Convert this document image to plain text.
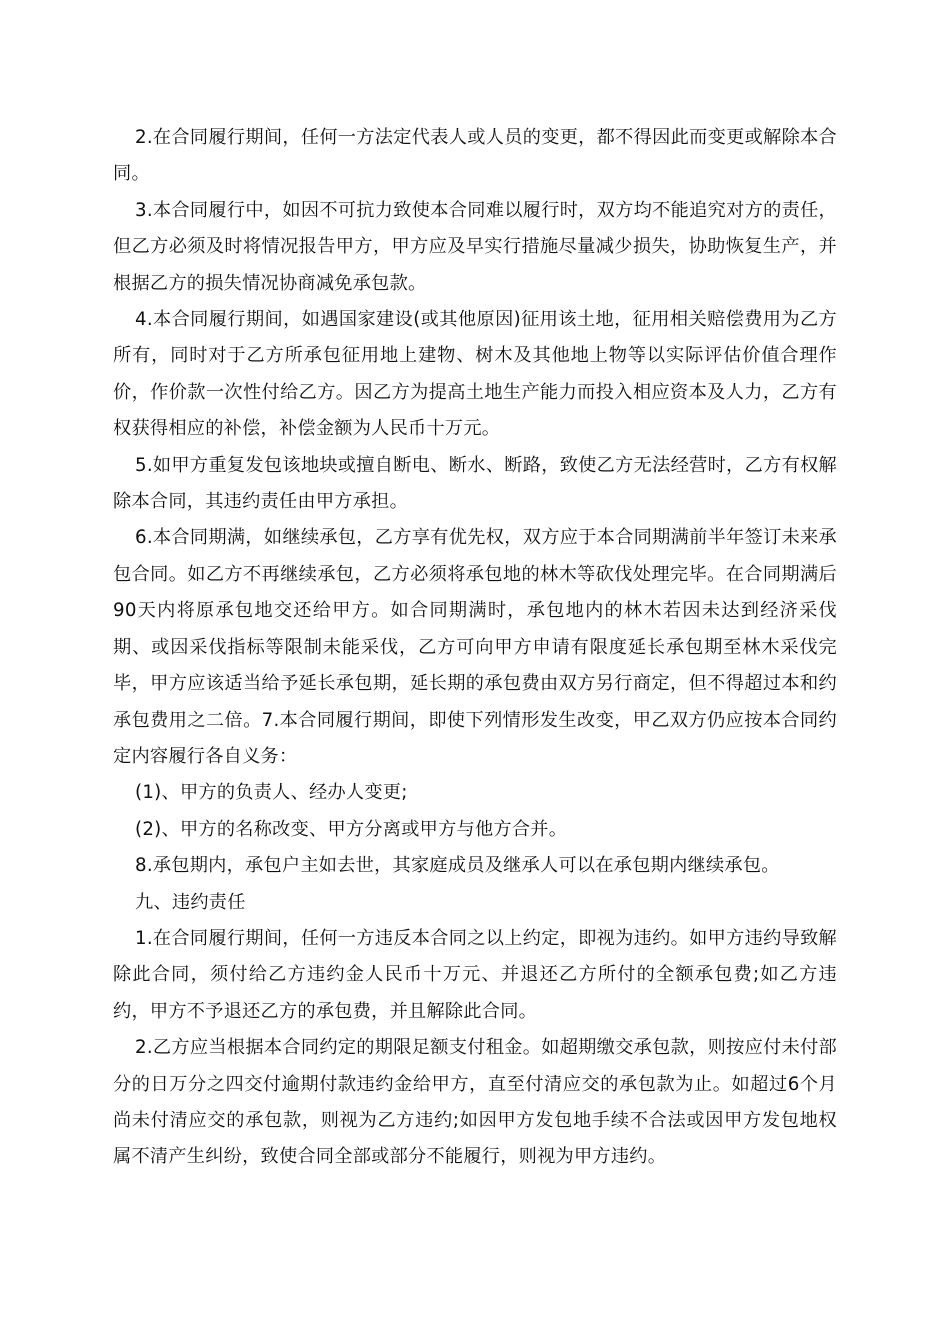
2.在合同履行期间，任何一方法定代表人或人员的变更，都不得因此而变更或解除本合同。

3.本合同履行中，如因不可抗力致使本合同难以履行时，双方均不能追究对方的责任，但乙方必须及时将情况报告甲方，甲方应及早实行措施尽量减少损失，协助恢复生产，并根据乙方的损失情况协商减免承包款。

4.本合同履行期间，如遇国家建设(或其他原因)征用该土地，征用相关赔偿费用为乙方所有，同时对于乙方所承包征用地上建物、树木及其他地上物等以实际评估价值合理作价，作价款一次性付给乙方。因乙方为提高土地生产能力而投入相应资本及人力，乙方有权获得相应的补偿，补偿金额为人民币十万元。

5.如甲方重复发包该地块或擅自断电、断水、断路，致使乙方无法经营时，乙方有权解除本合同，其违约责任由甲方承担。

6.本合同期满，如继续承包，乙方享有优先权，双方应于本合同期满前半年签订未来承包合同。如乙方不再继续承包，乙方必须将承包地的林木等砍伐处理完毕。在合同期满后90天内将原承包地交还给甲方。如合同期满时，承包地内的林木若因未达到经济采伐期、或因采伐指标等限制未能采伐，乙方可向甲方申请有限度延长承包期至林木采伐完毕，甲方应该适当给予延长承包期，延长期的承包费由双方另行商定，但不得超过本和约承包费用之二倍。7.本合同履行期间，即使下列情形发生改变，甲乙双方仍应按本合同约定内容履行各自义务：

(1)、甲方的负责人、经办人变更;

(2)、甲方的名称改变、甲方分离或甲方与他方合并。

8.承包期内，承包户主如去世，其家庭成员及继承人可以在承包期内继续承包。

九、违约责任

1.在合同履行期间，任何一方违反本合同之以上约定，即视为违约。如甲方违约导致解除此合同，须付给乙方违约金人民币十万元、并退还乙方所付的全额承包费;如乙方违约，甲方不予退还乙方的承包费，并且解除此合同。

2.乙方应当根据本合同约定的期限足额支付租金。如超期缴交承包款，则按应付未付部分的日万分之四交付逾期付款违约金给甲方，直至付清应交的承包款为止。如超过6个月尚未付清应交的承包款，则视为乙方违约;如因甲方发包地手续不合法或因甲方发包地权属不清产生纠纷，致使合同全部或部分不能履行，则视为甲方违约。
